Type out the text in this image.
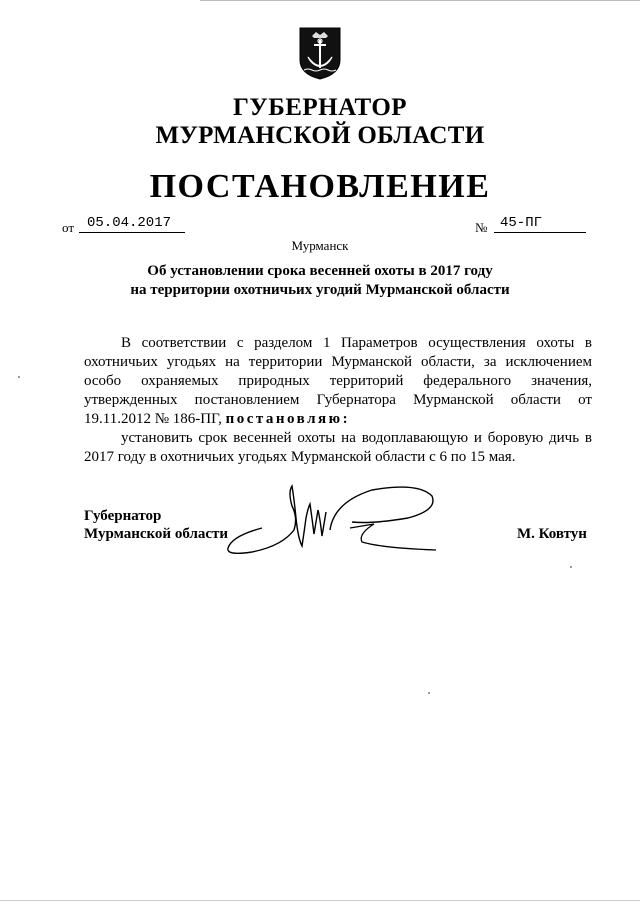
ГУБЕРНАТОР
МУРМАНСКОЙ ОБЛАСТИ
ПОСТАНОВЛЕНИЕ
от 05.04.2017	№ 45-ПГ
Мурманск
Об установлении срока весенней охоты в 2017 году
на территории охотничьих угодий Мурманской области

В соответствии с разделом 1 Параметров осуществления охоты в

охотничьих угодьях на территории Мурманской области, за исключением

особо охраняемых природных территорий федерального значения,

утвержденных постановлением Губернатора Мурманской области от

19.11.2012 № 186-ПГ, постановляю:

установить срок весенней охоты на водоплавающую и боровую дичь в

2017 году в охотничьих угодьях Мурманской области с 6 по 15 мая.

Губернатор
Мурманской области	М. Ковтун
